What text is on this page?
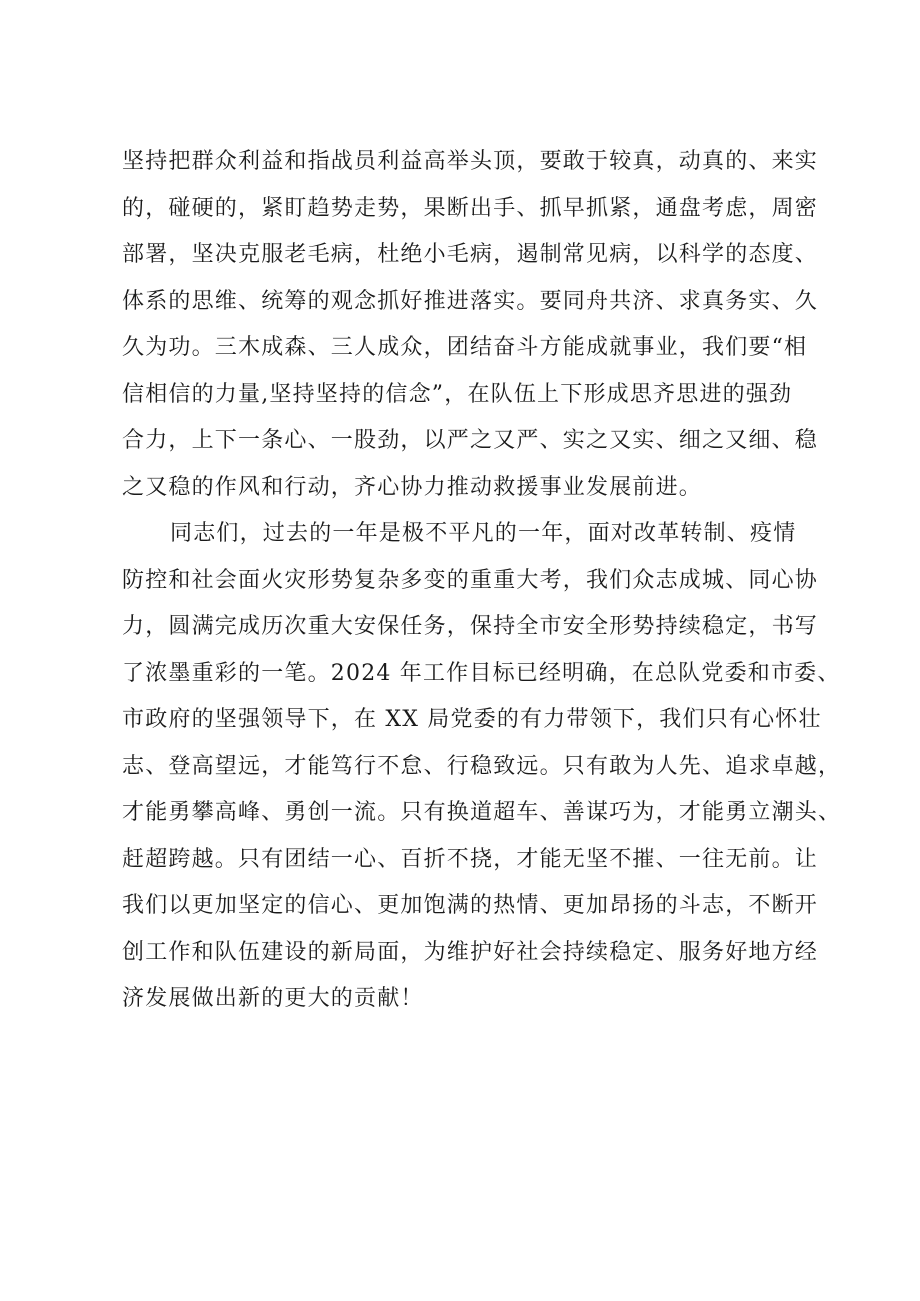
坚持把群众利益和指战员利益高举头顶，要敢于较真，动真的、来实
的，碰硬的，紧盯趋势走势，果断出手、抓早抓紧，通盘考虑，周密
部署，坚决克服老毛病，杜绝小毛病，遏制常见病，以科学的态度、
体系的思维、统筹的观念抓好推进落实。要同舟共济、求真务实、久
久为功。三木成森、三人成众，团结奋斗方能成就事业，我们要“相
信相信的力量,坚持坚持的信念”，在队伍上下形成思齐思进的强劲
合力，上下一条心、一股劲，以严之又严、实之又实、细之又细、稳
之又稳的作风和行动，齐心协力推动救援事业发展前进。
同志们，过去的一年是极不平凡的一年，面对改革转制、疫情
防控和社会面火灾形势复杂多变的重重大考，我们众志成城、同心协
力，圆满完成历次重大安保任务，保持全市安全形势持续稳定，书写
了浓墨重彩的一笔。2024 年工作目标已经明确，在总队党委和市委、
市政府的坚强领导下，在 XX 局党委的有力带领下，我们只有心怀壮
志、登高望远，才能笃行不怠、行稳致远。只有敢为人先、追求卓越，
才能勇攀高峰、勇创一流。只有换道超车、善谋巧为，才能勇立潮头、
赶超跨越。只有团结一心、百折不挠，才能无坚不摧、一往无前。让
我们以更加坚定的信心、更加饱满的热情、更加昂扬的斗志，不断开
创工作和队伍建设的新局面，为维护好社会持续稳定、服务好地方经
济发展做出新的更大的贡献！
